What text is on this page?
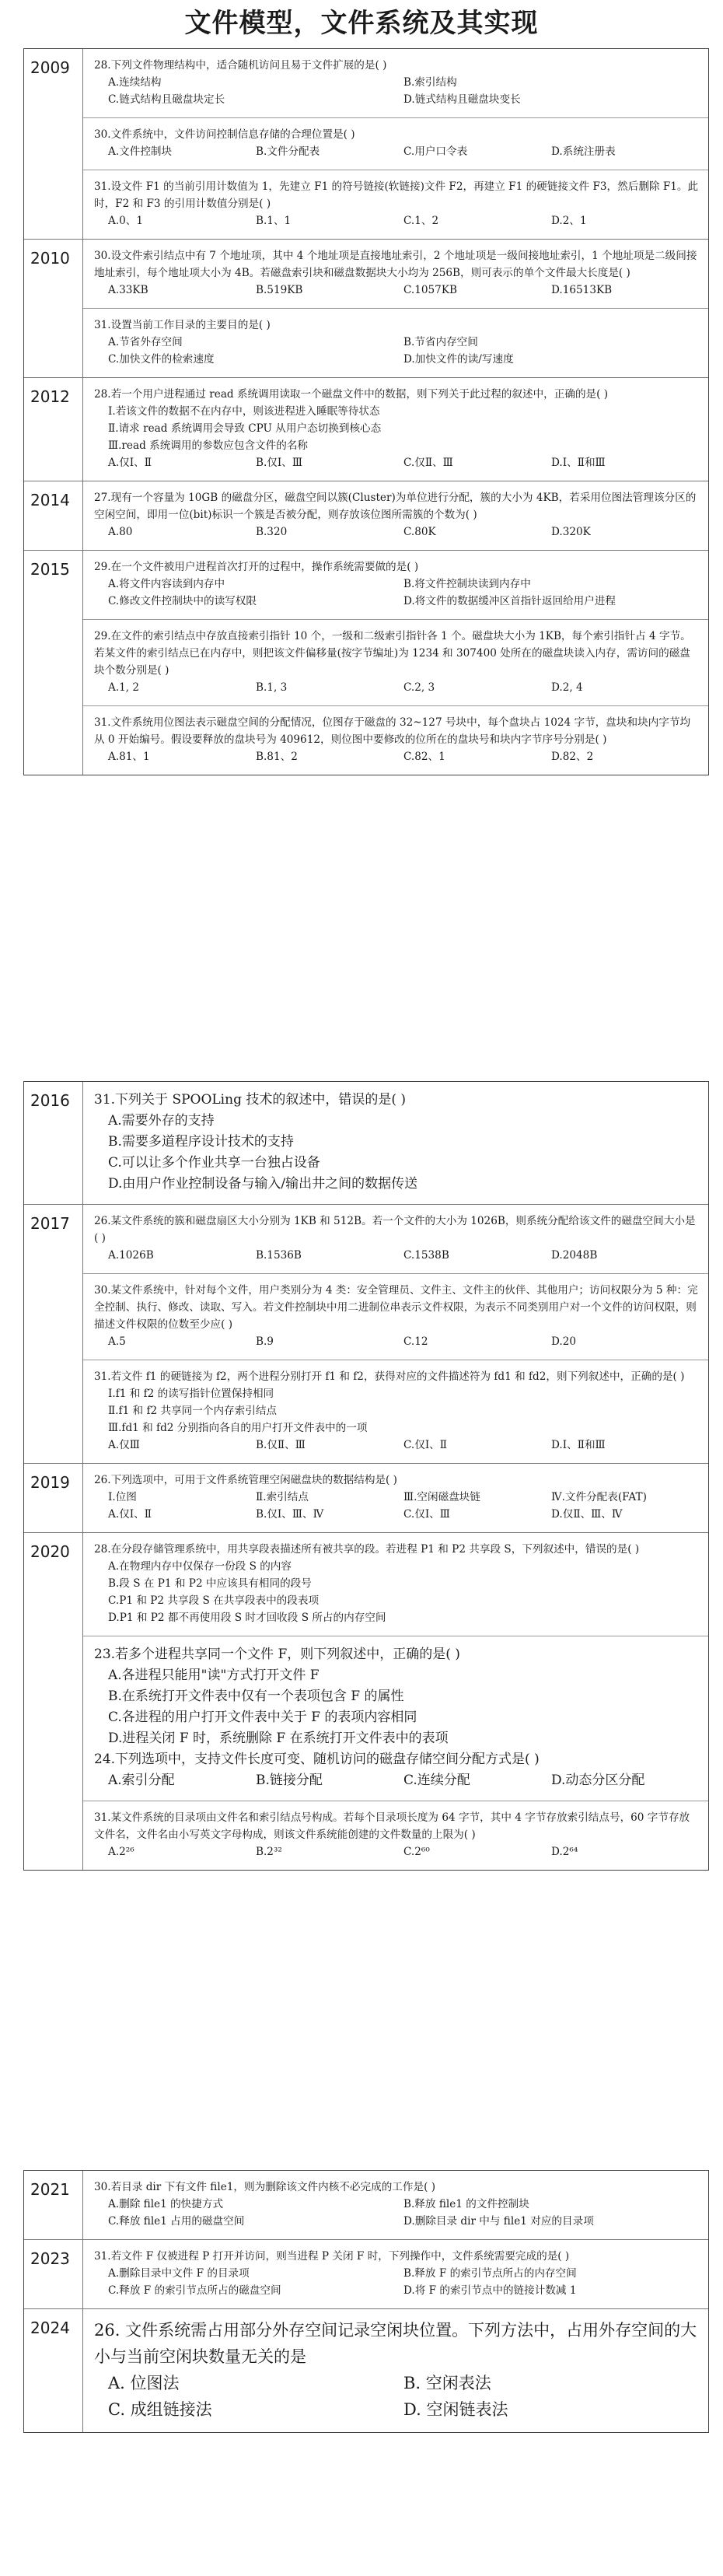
文件模型，文件系统及其实现
2009	28.下列文件物理结构中，适合随机访问且易于文件扩展的是( )
A.连续结构	B.索引结构
C.链式结构且磁盘块定长	D.链式结构且磁盘块变长
30.文件系统中，文件访问控制信息存储的合理位置是( )
A.文件控制块	B.文件分配表	C.用户口令表	D.系统注册表
31.设文件 F1 的当前引用计数值为 1，先建立 F1 的符号链接(软链接)文件 F2，再建立 F1 的硬链接文件 F3，然后删除 F1。此时，F2 和 F3 的引用计数值分别是( )
A.0、1	B.1、1	C.1、2	D.2、1
2010	30.设文件索引结点中有 7 个地址项，其中 4 个地址项是直接地址索引，2 个地址项是一级间接地址索引，1 个地址项是二级间接地址索引，每个地址项大小为 4B。若磁盘索引块和磁盘数据块大小均为 256B，则可表示的单个文件最大长度是( )
A.33KB	B.519KB	C.1057KB	D.16513KB
31.设置当前工作目录的主要目的是( )
A.节省外存空间	B.节省内存空间
C.加快文件的检索速度	D.加快文件的读/写速度
2012	28.若一个用户进程通过 read 系统调用读取一个磁盘文件中的数据，则下列关于此过程的叙述中，正确的是( )
Ⅰ.若该文件的数据不在内存中，则该进程进入睡眠等待状态
Ⅱ.请求 read 系统调用会导致 CPU 从用户态切换到核心态
Ⅲ.read 系统调用的参数应包含文件的名称
A.仅Ⅰ、Ⅱ	B.仅Ⅰ、Ⅲ	C.仅Ⅱ、Ⅲ	D.Ⅰ、Ⅱ和Ⅲ
2014	27.现有一个容量为 10GB 的磁盘分区，磁盘空间以簇(Cluster)为单位进行分配，簇的大小为 4KB，若采用位图法管理该分区的空闲空间，即用一位(bit)标识一个簇是否被分配，则存放该位图所需簇的个数为( )
A.80	B.320	C.80K	D.320K
2015	29.在一个文件被用户进程首次打开的过程中，操作系统需要做的是( )
A.将文件内容读到内存中	B.将文件控制块读到内存中
C.修改文件控制块中的读写权限	D.将文件的数据缓冲区首指针返回给用户进程
29.在文件的索引结点中存放直接索引指针 10 个，一级和二级索引指针各 1 个。磁盘块大小为 1KB，每个索引指针占 4 字节。若某文件的索引结点已在内存中，则把该文件偏移量(按字节编址)为 1234 和 307400 处所在的磁盘块读入内存，需访问的磁盘块个数分别是( )
A.1, 2	B.1, 3	C.2, 3	D.2, 4
31.文件系统用位图法表示磁盘空间的分配情况，位图存于磁盘的 32~127 号块中，每个盘块占 1024 字节，盘块和块内字节均从 0 开始编号。假设要释放的盘块号为 409612，则位图中要修改的位所在的盘块号和块内字节序号分别是( )
A.81、1	B.81、2	C.82、1	D.82、2
2016	31.下列关于 SPOOLing 技术的叙述中，错误的是( )
A.需要外存的支持
B.需要多道程序设计技术的支持
C.可以让多个作业共享一台独占设备
D.由用户作业控制设备与输入/输出井之间的数据传送
2017	26.某文件系统的簇和磁盘扇区大小分别为 1KB 和 512B。若一个文件的大小为 1026B，则系统分配给该文件的磁盘空间大小是( )
A.1026B	B.1536B	C.1538B	D.2048B
30.某文件系统中，针对每个文件，用户类别分为 4 类：安全管理员、文件主、文件主的伙伴、其他用户；访问权限分为 5 种：完全控制、执行、修改、读取、写入。若文件控制块中用二进制位串表示文件权限，为表示不同类别用户对一个文件的访问权限，则描述文件权限的位数至少应( )
A.5	B.9	C.12	D.20
31.若文件 f1 的硬链接为 f2，两个进程分别打开 f1 和 f2，获得对应的文件描述符为 fd1 和 fd2，则下列叙述中，正确的是( )
Ⅰ.f1 和 f2 的读写指针位置保持相同
Ⅱ.f1 和 f2 共享同一个内存索引结点
Ⅲ.fd1 和 fd2 分别指向各自的用户打开文件表中的一项
A.仅Ⅲ	B.仅Ⅱ、Ⅲ	C.仅Ⅰ、Ⅱ	D.Ⅰ、Ⅱ和Ⅲ
2019	26.下列选项中，可用于文件系统管理空闲磁盘块的数据结构是( )
Ⅰ.位图	Ⅱ.索引结点	Ⅲ.空闲磁盘块链	Ⅳ.文件分配表(FAT)
A.仅Ⅰ、Ⅱ	B.仅Ⅰ、Ⅲ、Ⅳ	C.仅Ⅰ、Ⅲ	D.仅Ⅱ、Ⅲ、Ⅳ
2020	28.在分段存储管理系统中，用共享段表描述所有被共享的段。若进程 P1 和 P2 共享段 S，下列叙述中，错误的是( )
A.在物理内存中仅保存一份段 S 的内容
B.段 S 在 P1 和 P2 中应该具有相同的段号
C.P1 和 P2 共享段 S 在共享段表中的段表项
D.P1 和 P2 都不再使用段 S 时才回收段 S 所占的内存空间
23.若多个进程共享同一个文件 F，则下列叙述中，正确的是( )
A.各进程只能用"读"方式打开文件 F
B.在系统打开文件表中仅有一个表项包含 F 的属性
C.各进程的用户打开文件表中关于 F 的表项内容相同
D.进程关闭 F 时，系统删除 F 在系统打开文件表中的表项
24.下列选项中，支持文件长度可变、随机访问的磁盘存储空间分配方式是( )
A.索引分配	B.链接分配	C.连续分配	D.动态分区分配
31.某文件系统的目录项由文件名和索引结点号构成。若每个目录项长度为 64 字节，其中 4 字节存放索引结点号，60 字节存放文件名，文件名由小写英文字母构成，则该文件系统能创建的文件数量的上限为( )
A.2²⁶	B.2³²	C.2⁶⁰	D.2⁶⁴
2021	30.若目录 dir 下有文件 file1，则为删除该文件内核不必完成的工作是( )
A.删除 file1 的快捷方式	B.释放 file1 的文件控制块
C.释放 file1 占用的磁盘空间	D.删除目录 dir 中与 file1 对应的目录项
2023	31.若文件 F 仅被进程 P 打开并访问，则当进程 P 关闭 F 时，下列操作中，文件系统需要完成的是( )
A.删除目录中文件 F 的目录项	B.释放 F 的索引节点所占的内存空间
C.释放 F 的索引节点所占的磁盘空间	D.将 F 的索引节点中的链接计数减 1
2024	26. 文件系统需占用部分外存空间记录空闲块位置。下列方法中，占用外存空间的大小与当前空闲块数量无关的是
A. 位图法	B. 空闲表法
C. 成组链接法	D. 空闲链表法
